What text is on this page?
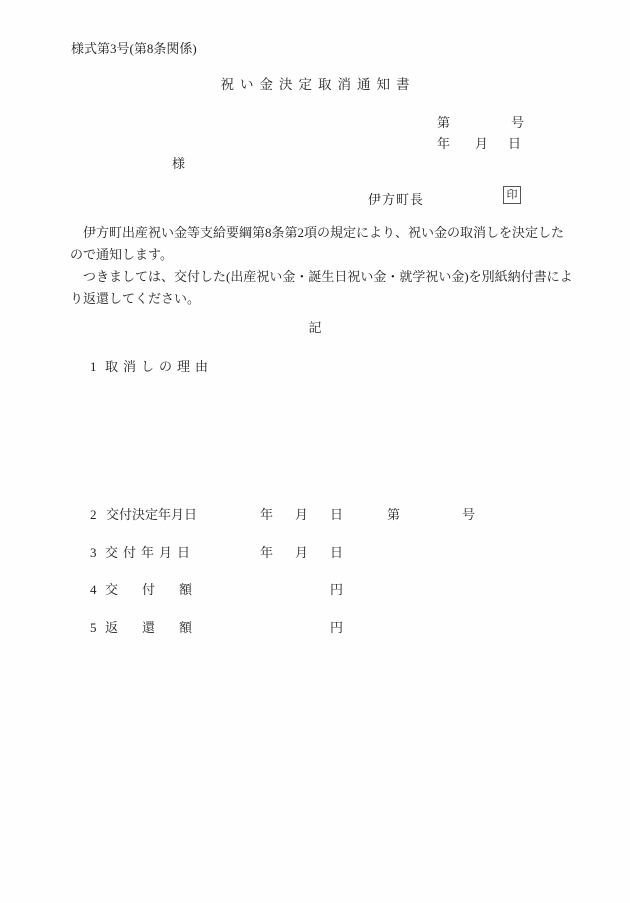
様式第3号(第8条関係)
祝い金決定取消通知書
第	号
年 月 日
様
伊方町長	印
　伊方町出産祝い金等支給要綱第8条第2項の規定により、祝い金の取消しを決定した
ので通知します。
　つきましては、交付した(出産祝い金・誕生日祝い金・就学祝い金)を別紙納付書によ
り返還してください。
記
1 取消しの理由
2 交付決定年月日	年 月 日	第	号
3 交付年月日	年 月 日
4 交付額	円
5 返還額	円
